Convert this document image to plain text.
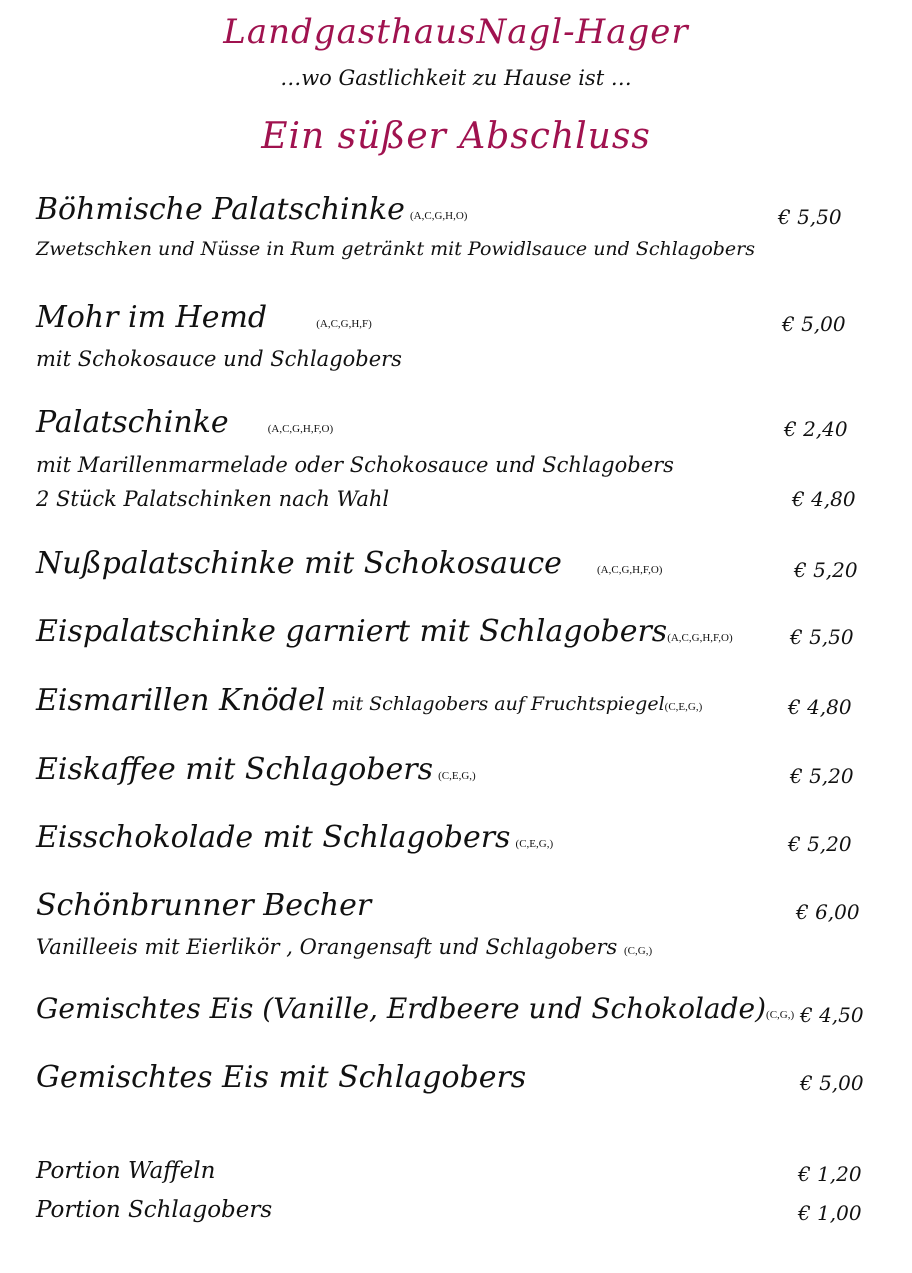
LandgasthausNagl-Hager
…wo Gastlichkeit zu Hause ist …
Ein süßer Abschluss
Böhmische Palatschinke (A,C,G,H,O)	€ 5,50
Zwetschken und Nüsse in Rum getränkt mit Powidlsauce und Schlagobers
Mohr im Hemd	(A,C,G,H,F)	€ 5,00
mit Schokosauce und Schlagobers
Palatschinke	(A,C,G,H,F,O)	€ 2,40
mit Marillenmarmelade oder Schokosauce und Schlagobers
2 Stück Palatschinken nach Wahl	€ 4,80
Nußpalatschinke mit Schokosauce	(A,C,G,H,F,O)	€ 5,20
Eispalatschinke garniert mit Schlagobers(A,C,G,H,F,O)	€ 5,50
Eismarillen Knödel mit Schlagobers auf Fruchtspiegel(C,E,G,)	€ 4,80
Eiskaffee mit Schlagobers (C,E,G,)	€ 5,20
Eisschokolade mit Schlagobers (C,E,G,)	€ 5,20
Schönbrunner Becher	€ 6,00
Vanilleeis mit Eierlikör , Orangensaft und Schlagobers (C,G,)
Gemischtes Eis (Vanille, Erdbeere und Schokolade)(C,G,) € 4,50
Gemischtes Eis mit Schlagobers	€ 5,00
Portion Waffeln	€ 1,20
Portion Schlagobers	€ 1,00
